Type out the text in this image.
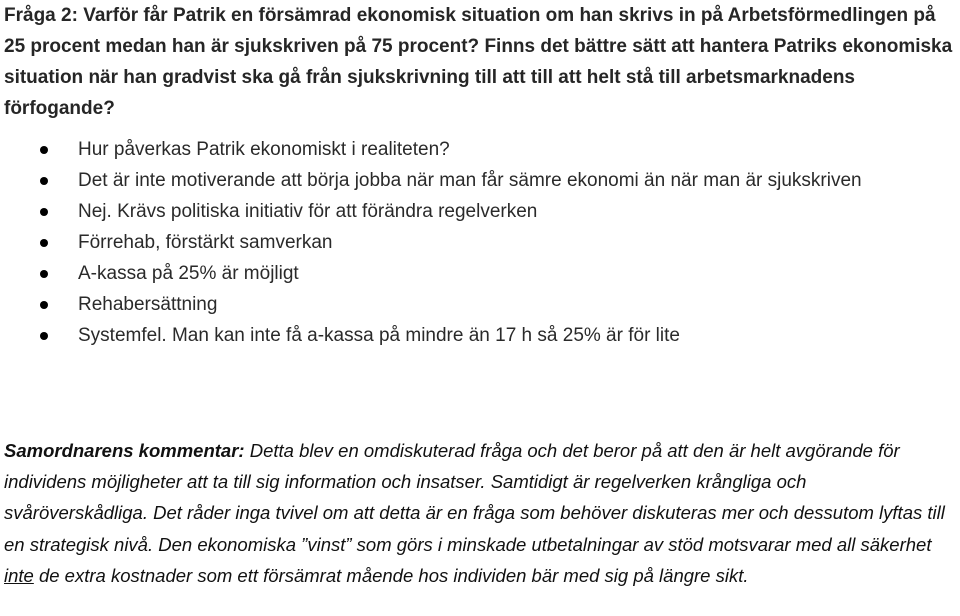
Fråga 2: Varför får Patrik en försämrad ekonomisk situation om han skrivs in på Arbetsförmedlingen på 25 procent medan han är sjukskriven på 75 procent? Finns det bättre sätt att hantera Patriks ekonomiska situation när han gradvist ska gå från sjukskrivning till att till att helt stå till arbetsmarknadens förfogande?

Hur påverkas Patrik ekonomiskt i realiteten?
Det är inte motiverande att börja jobba när man får sämre ekonomi än när man är sjukskriven
Nej. Krävs politiska initiativ för att förändra regelverken
Förrehab, förstärkt samverkan
A-kassa på 25% är möjligt
Rehabersättning
Systemfel. Man kan inte få a-kassa på mindre än 17 h så 25% är för lite

Samordnarens kommentar: Detta blev en omdiskuterad fråga och det beror på att den är helt avgörande för individens möjligheter att ta till sig information och insatser. Samtidigt är regelverken krångliga och svåröverskådliga. Det råder inga tvivel om att detta är en fråga som behöver diskuteras mer och dessutom lyftas till en strategisk nivå. Den ekonomiska ”vinst” som görs i minskade utbetalningar av stöd motsvarar med all säkerhet inte de extra kostnader som ett försämrat mående hos individen bär med sig på längre sikt.
